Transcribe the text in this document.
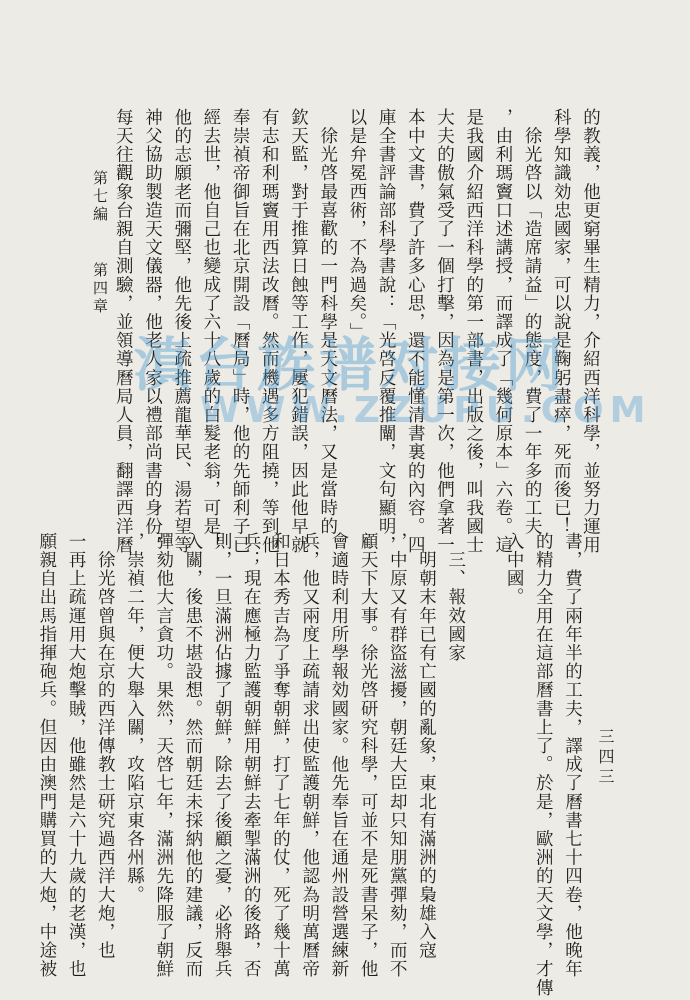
第七編
第四章	的教義，他更窮畢生精力，介紹西洋科學，並努力運用
科學知識効忠國家，可以說是鞠躬盡瘁，死而後已！
　徐光啓以「造席請益」的態度，費了一年多的工夫
，由利瑪竇口述講授，而譯成了「幾何原本」六卷。這
是我國介紹西洋科學的第一部書，出版之後，叫我國士
大夫的傲氣受了一個打擊，因為是第一次，他們拿著一
本中文書，費了許多心思，還不能懂清書裏的內容。四
庫全書評論部科學書說：「光啓反覆推闡，文句顯明，
以是弁冕西術，不為過矣。」
　徐光啓最喜歡的一門科學是天文曆法，又是當時的
欽天監，對于推算日蝕等工作，屢犯錯誤，因此他早就
有志和利瑪竇用西法改曆。然而機遇多方阻撓，等到他
奉崇禎帝御旨在北京開設「曆局」時，他的先師利子已
經去世，他自己也變成了六十八歲的白髮老翁，可是，
他的志願老而彌堅，他先後上疏推薦龍華民、湯若望等
神父協助製造天文儀器，他老人家以禮部尚書的身份，
每天往觀象台親自測驗，並領導曆局人員，翻譯西洋曆
書，費了兩年半的工夫，譯成了曆書七十四卷，他晚年
的精力全用在這部曆書上了。於是，歐洲的天文學，才傳
入中國。
　三、報效國家
　明朝末年已有亡國的亂象，東北有滿洲的梟雄入寇
，中原又有群盜滋擾，朝廷大臣却只知朋黨彈劾，而不
顧天下大事。徐光啓研究科學，可並不是死書呆子，他
會適時利用所學報効國家。他先奉旨在通州設營選練新
兵，他又兩度上疏請求出使監護朝鮮，他認為明萬曆帝
和日本秀吉為了爭奪朝鮮，打了七年的仗，死了幾十萬
兵；現在應極力監護朝鮮用朝鮮去牽掣滿洲的後路，否
則，一旦滿洲佔據了朝鮮，除去了後顧之憂，必將舉兵
入關，後患不堪設想。然而朝廷未採納他的建議，反而
彈劾他大言貪功。果然，天啓七年，滿洲先降服了朝鮮
，崇禎二年，便大舉入關，攻陷京東各州縣。
　徐光啓曾與在京的西洋傳教士研究過西洋大炮，也
一再上疏運用大炮擊賊，他雖然是六十九歲的老漢，也
願親自出馬指揮砲兵。但因由澳門購買的大炮，中途被	三四三
滇台族谱对接网
WWW.ZZUPU.COM
